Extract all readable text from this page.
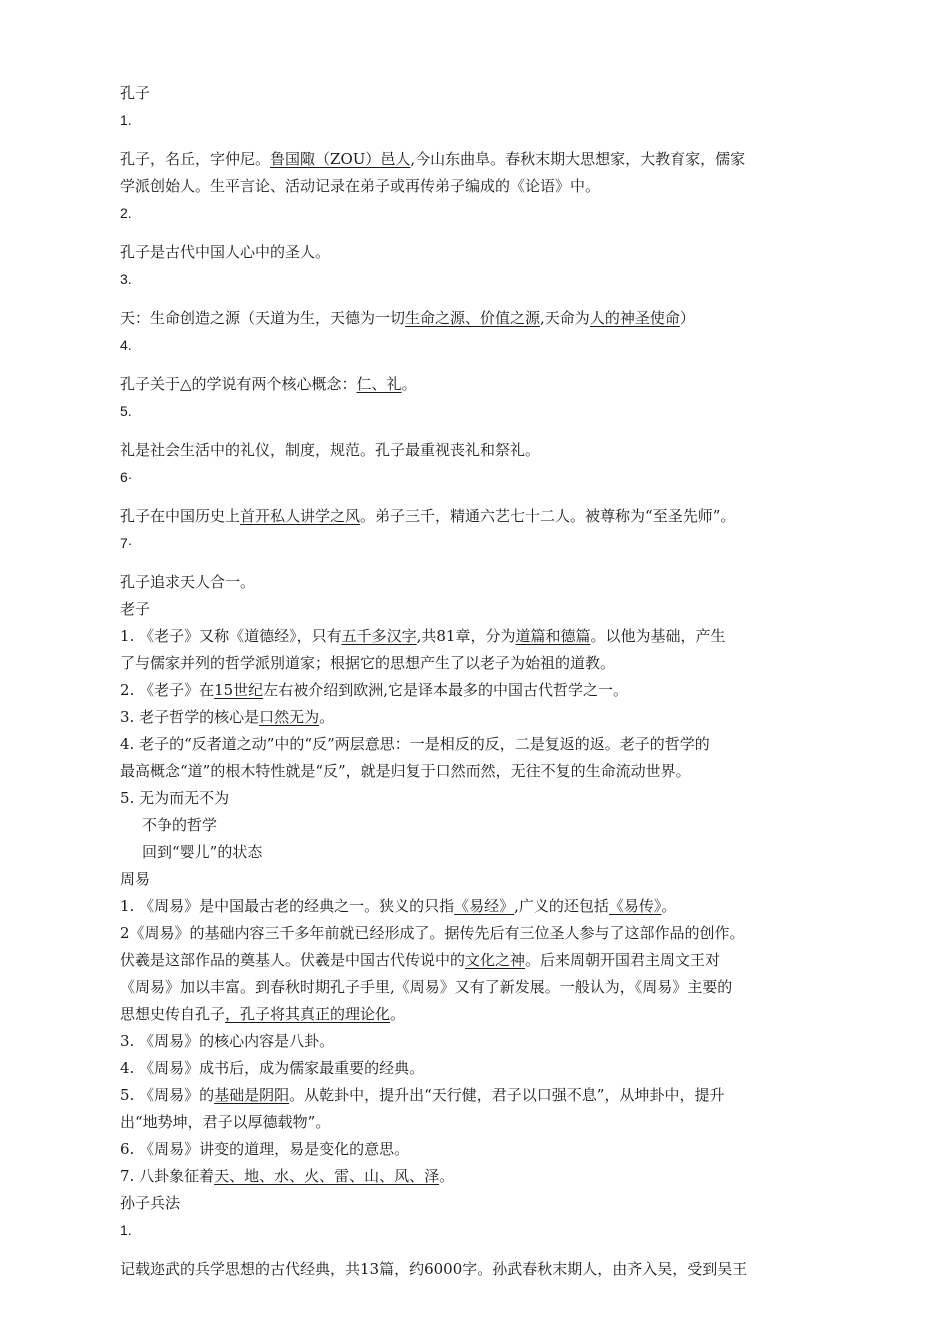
孔子
1.
孔子，名丘，字仲尼。鲁国陬（ZOU）邑人,今山东曲阜。春秋末期大思想家，大教育家，儒家
学派创始人。生平言论、活动记录在弟子或再传弟子编成的《论语》中。
2.
孔子是古代中国人心中的圣人。
3.
天：生命创造之源（天道为生，天德为一切生命之源、价值之源,天命为人的神圣使命）
4.
孔子关于△的学说有两个核心概念：仁、礼。
5.
礼是社会生活中的礼仪，制度，规范。孔子最重视丧礼和祭礼。
6·
孔子在中国历史上首开私人讲学之风。弟子三千，精通六艺七十二人。被尊称为“至圣先师”。
7·
孔子追求天人合一。
老子
1. 《老子》又称《道德经》，只有五千多汉字,共81章，分为道篇和德篇。以他为基础，产生
了与儒家并列的哲学派別道家；根据它的思想产生了以老子为始祖的道教。
2. 《老子》在15世纪左右被介绍到欧洲,它是译本最多的中国古代哲学之一。
3. 老子哲学的核心是口然无为。
4. 老子的“反者道之动”中的“反”两层意思：一是相反的反，二是复返的返。老子的哲学的
最高概念“道”的根木特性就是“反”，就是归复于口然而然，无往不复的生命流动世界。
5. 无为而无不为
不争的哲学
回到“婴儿”的状态
周易
1. 《周易》是中国最古老的经典之一。狭义的只指《易经》,广义的还包括《易传》。
2《周易》的基础内容三千多年前就已经形成了。据传先后有三位圣人参与了这部作品的创作。
伏羲是这部作品的奠基人。伏羲是中国古代传说中的文化之神。后来周朝开国君主周文王对
《周易》加以丰富。到春秋时期孔子手里,《周易》又有了新发展。一般认为，《周易》主要的
思想史传自孔子，孔子将其真正的理论化。
3. 《周易》的核心内容是八卦。
4. 《周易》成书后，成为儒家最重要的经典。
5. 《周易》的基础是阴阳。从乾卦中，提升出“天行健，君子以口强不息”，从坤卦中，提升
出“地势坤，君子以厚德载物”。
6. 《周易》讲变的道理，易是变化的意思。
7. 八卦象征着天、地、水、火、雷、山、风、泽。
孙子兵法
1.
记载迩武的兵学思想的古代经典，共13篇，约6000字。孙武春秋末期人，由齐入吴，受到吴王
